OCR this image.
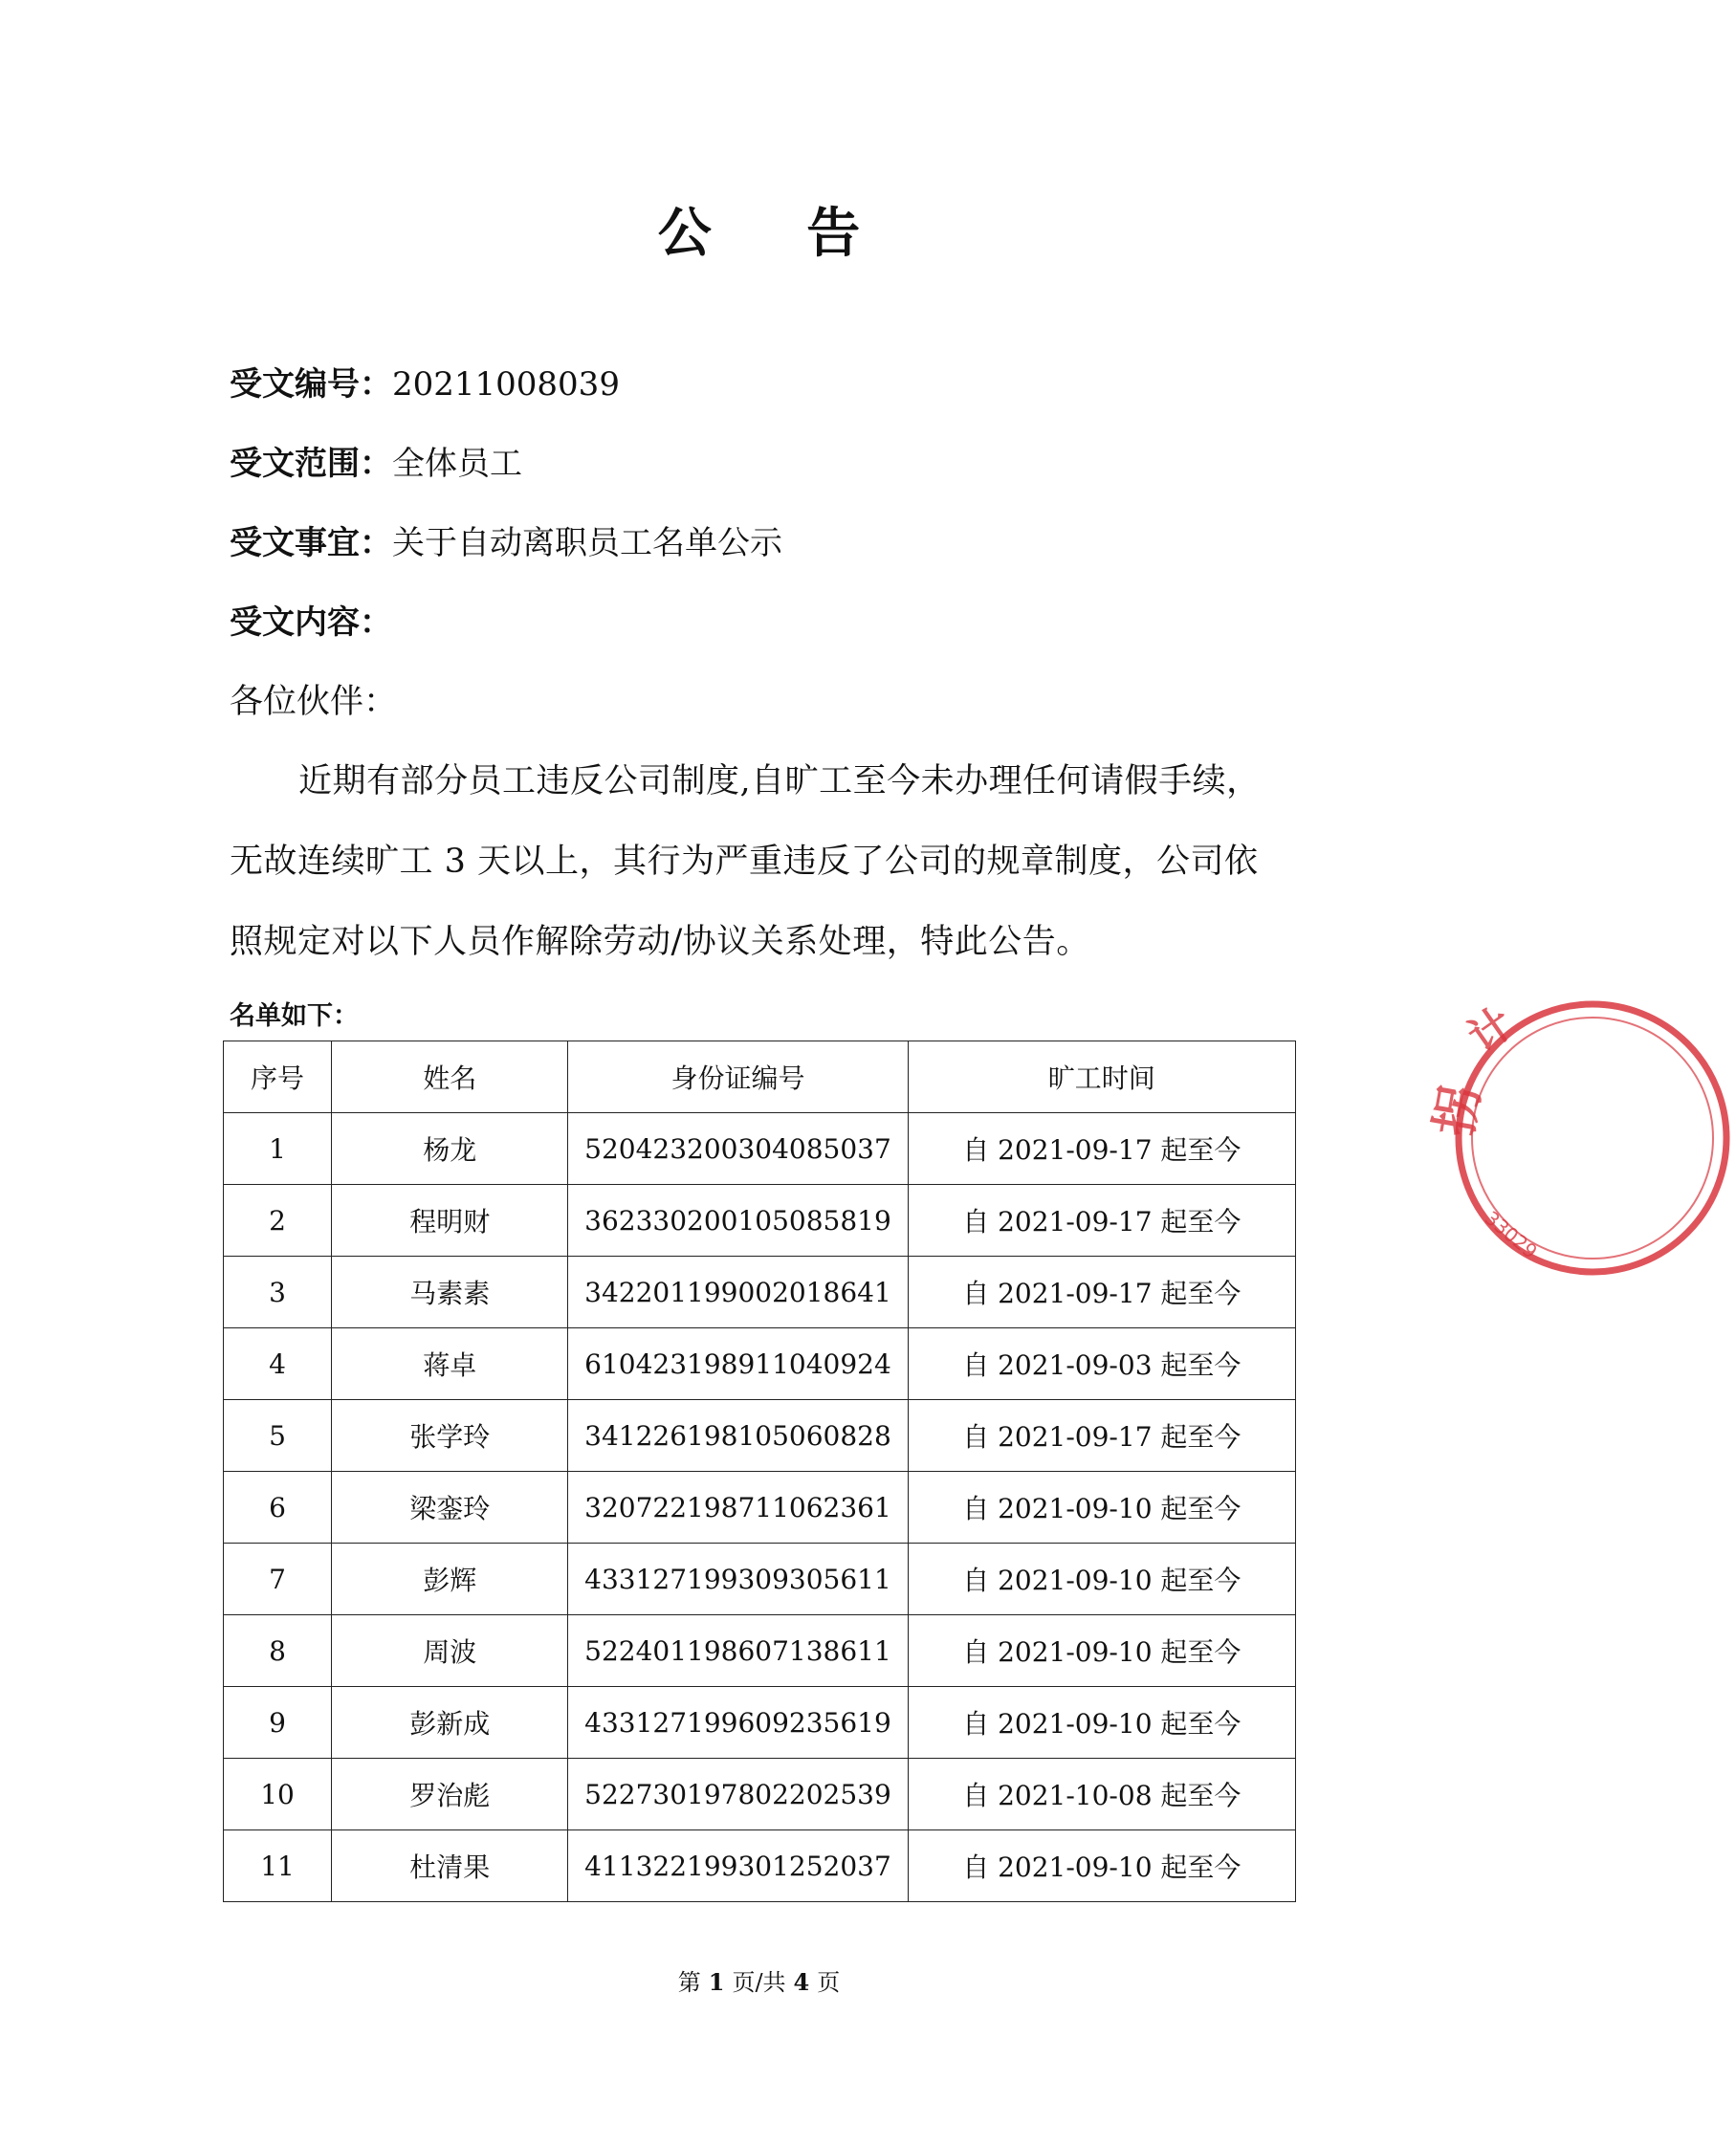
公 告
受文编号：20211008039
受文范围：全体员工
受文事宜：关于自动离职员工名单公示
受文内容：
各位伙伴：
近期有部分员工违反公司制度,自旷工至今未办理任何请假手续，无故连续旷工 3 天以上，其行为严重违反了公司的规章制度，公司依照规定对以下人员作解除劳动/协议关系处理，特此公告。
名单如下：
序号	姓名	身份证编号	旷工时间
1	杨龙	520423200304085037	自 2021-09-17 起至今
2	程明财	362330200105085819	自 2021-09-17 起至今
3	马素素	342201199002018641	自 2021-09-17 起至今
4	蒋卓	610423198911040924	自 2021-09-03 起至今
5	张学玲	341226198105060828	自 2021-09-17 起至今
6	梁銮玲	320722198711062361	自 2021-09-10 起至今
7	彭辉	433127199309305611	自 2021-09-10 起至今
8	周波	522401198607138611	自 2021-09-10 起至今
9	彭新成	433127199609235619	自 2021-09-10 起至今
10	罗治彪	522730197802202539	自 2021-10-08 起至今
11	杜清果	411322199301252037	自 2021-09-10 起至今
第 1 页/共 4 页
计
拐
33029
